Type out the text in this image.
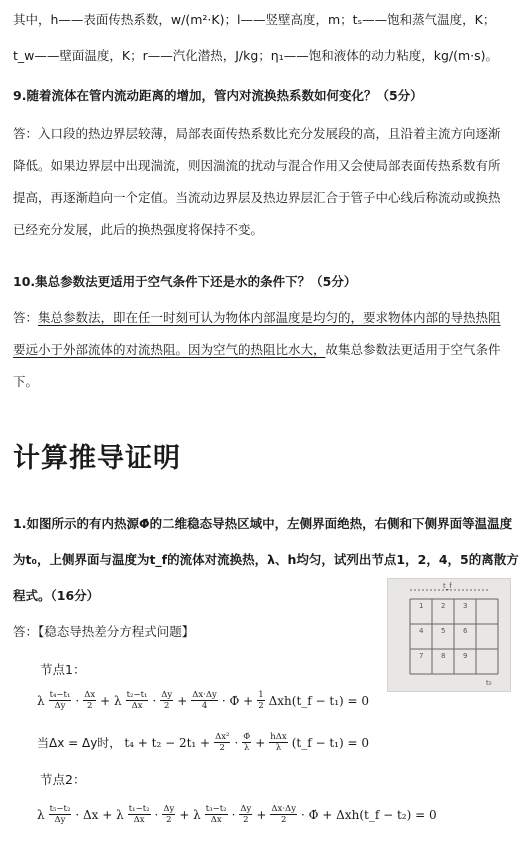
其中，h——表面传热系数，w/(m²·K)；l——竖壁高度，m；tₛ——饱和蒸气温度，K；
t_w——壁面温度，K；r——汽化潜热，J/kg；η₁——饱和液体的动力粘度，kg/(m·s)。
9.随着流体在管内流动距离的增加，管内对流换热系数如何变化？（5分）
答：入口段的热边界层较薄，局部表面传热系数比充分发展段的高，且沿着主流方向逐渐
降低。如果边界层中出现湍流，则因湍流的扰动与混合作用又会使局部表面传热系数有所
提高，再逐渐趋向一个定值。当流动边界层及热边界层汇合于管子中心线后称流动或换热
已经充分发展，此后的换热强度将保持不变。
10.集总参数法更适用于空气条件下还是水的条件下？（5分）
答：集总参数法，即在任一时刻可认为物体内部温度是均匀的，要求物体内部的导热热阻
要远小于外部流体的对流热阻。因为空气的热阻比水大，故集总参数法更适用于空气条件
下。
计算推导证明
1.如图所示的有内热源Φ̇的二维稳态导热区域中，左侧界面绝热，右侧和下侧界面等温温度
为t₀，上侧界面与温度为t_f的流体对流换热，λ、h均匀，试列出节点1，2，4，5的离散方
程式。（16分）
1	2	3
4	5	6
7	8	9
t_f
t₀
答：【稳态导热差分方程式问题】
节点1：
λ t₄−t₁
Δy · Δx
2 + λ t₂−t₁
Δx · Δy
$2 + \frac{\Delta x\cdot\Delta y}{4}$ · Φ̇ + $\frac{1}{2}$ Δxh(t_f − t₁) = 0
当Δx = Δy时， $t_4 + t_2 - 2t_1 + \frac{\text{Δx²}}{2}$ · Φ̇
λ + hΔx
λ (t_f − t₁) = 0
节点2：
λ t₅−t₂
Δy · Δx + λ t₁−t₂
Δx · Δy
2 + λ t₃−t₂
Δx · Δy
$2 + \frac{\Delta x\cdot\Delta y}{2}$ · Φ̇ + Δxh(t_f − t₂) = 0
